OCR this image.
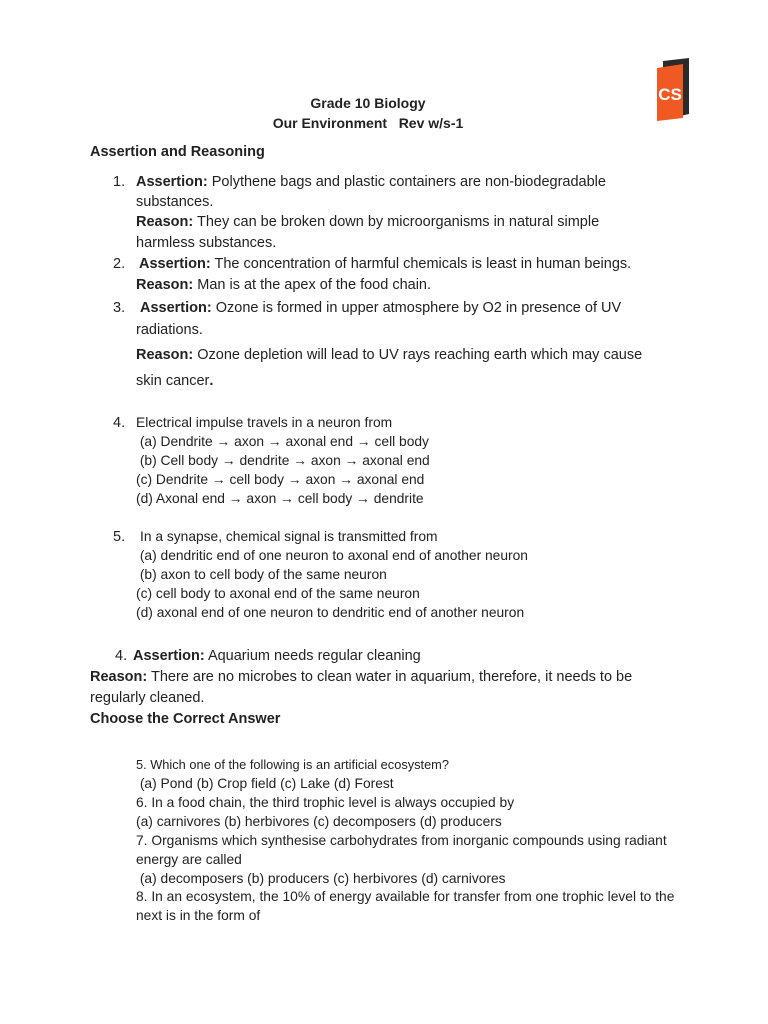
CS
Grade 10 Biology
Our Environment   Rev w/s-1
Assertion and Reasoning
1. Assertion: Polythene bags and plastic containers are non-biodegradable
substances.
Reason: They can be broken down by microorganisms in natural simple
harmless substances.
2. Assertion: The concentration of harmful chemicals is least in human beings.
Reason: Man is at the apex of the food chain.
3. Assertion: Ozone is formed in upper atmosphere by O2 in presence of UV
radiations.
Reason: Ozone depletion will lead to UV rays reaching earth which may cause
skin cancer.
4. Electrical impulse travels in a neuron from
(a) Dendrite → axon → axonal end → cell body
(b) Cell body → dendrite → axon → axonal end
(c) Dendrite → cell body → axon → axonal end
(d) Axonal end → axon → cell body → dendrite
5. In a synapse, chemical signal is transmitted from
(a) dendritic end of one neuron to axonal end of another neuron
(b) axon to cell body of the same neuron
(c) cell body to axonal end of the same neuron
(d) axonal end of one neuron to dendritic end of another neuron
4. Assertion: Aquarium needs regular cleaning
Reason: There are no microbes to clean water in aquarium, therefore, it needs to be
regularly cleaned.
Choose the Correct Answer
5. Which one of the following is an artificial ecosystem?
(a) Pond (b) Crop field (c) Lake (d) Forest
6. In a food chain, the third trophic level is always occupied by
(a) carnivores (b) herbivores (c) decomposers (d) producers
7. Organisms which synthesise carbohydrates from inorganic compounds using radiant
energy are called
(a) decomposers (b) producers (c) herbivores (d) carnivores
8. In an ecosystem, the 10% of energy available for transfer from one trophic level to the
next is in the form of
